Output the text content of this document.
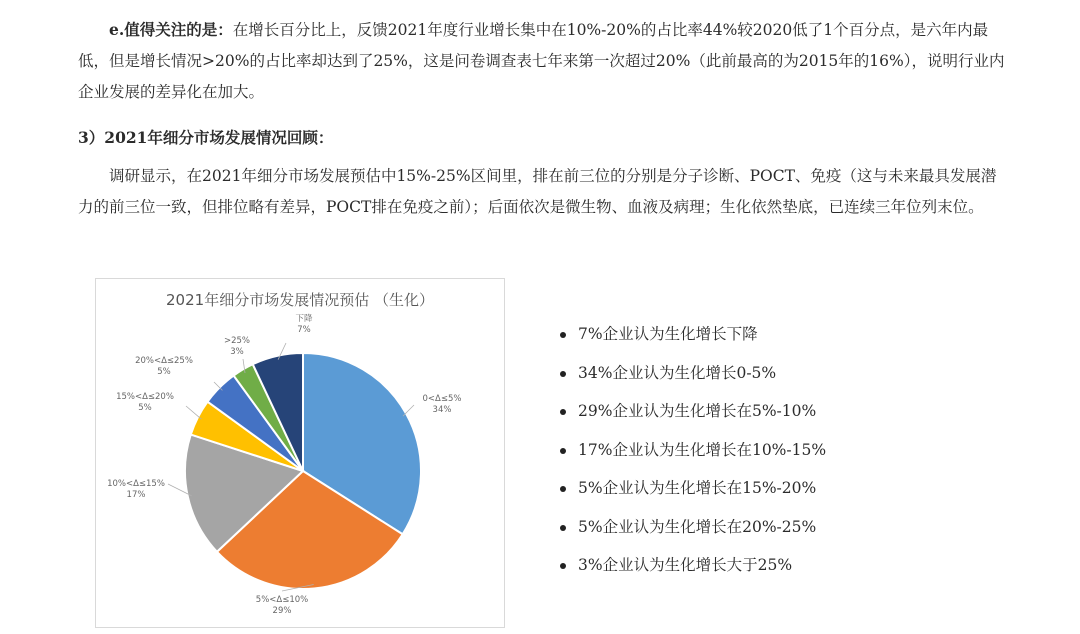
e.值得关注的是：在增长百分比上，反馈2021年度行业增长集中在10%-20%的占比率44%较2020低了1个百分点，是六年内最低，但是增长情况>20%的占比率却达到了25%，这是问卷调查表七年来第一次超过20%（此前最高的为2015年的16%），说明行业内企业发展的差异化在加大。

3）2021年细分市场发展情况回顾：

调研显示，在2021年细分市场发展预估中15%-25%区间里，排在前三位的分别是分子诊断、POCT、免疫（这与未来最具发展潜力的前三位一致，但排位略有差异，POCT排在免疫之前）；后面依次是微生物、血液及病理；生化依然垫底，已连续三年位列末位。

2021年细分市场发展情况预估 （生化）
0<Δ≤5%
34%
5%<Δ≤10%
29%
10%<Δ≤15%
17%
15%<Δ≤20%
5%
20%<Δ≤25%
5%
>25%
3%
下降
7%	7%企业认为生化增长下降
34%企业认为生化增长0-5%
29%企业认为生化增长在5%-10%
17%企业认为生化增长在10%-15%
5%企业认为生化增长在15%-20%
5%企业认为生化增长在20%-25%
3%企业认为生化增长大于25%
